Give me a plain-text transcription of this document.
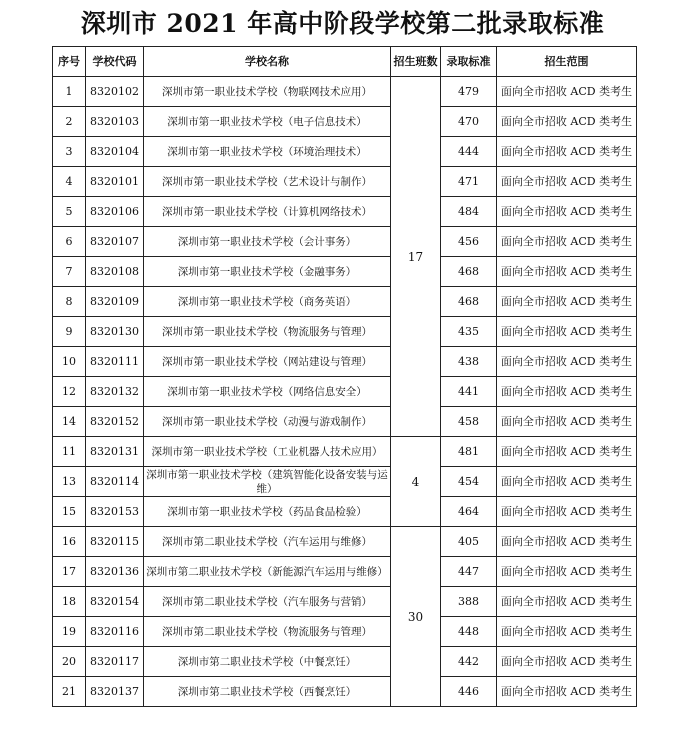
深圳市 2021 年高中阶段学校第二批录取标准
序号	学校代码	学校名称	招生班数	录取标准	招生范围
1	8320102	深圳市第一职业技术学校（物联网技术应用）	17	479	面向全市招收 ACD 类考生
2	8320103	深圳市第一职业技术学校（电子信息技术）		470	面向全市招收 ACD 类考生
3	8320104	深圳市第一职业技术学校（环境治理技术）		444	面向全市招收 ACD 类考生
4	8320101	深圳市第一职业技术学校（艺术设计与制作）		471	面向全市招收 ACD 类考生
5	8320106	深圳市第一职业技术学校（计算机网络技术）		484	面向全市招收 ACD 类考生
6	8320107	深圳市第一职业技术学校（会计事务）		456	面向全市招收 ACD 类考生
7	8320108	深圳市第一职业技术学校（金融事务）		468	面向全市招收 ACD 类考生
8	8320109	深圳市第一职业技术学校（商务英语）		468	面向全市招收 ACD 类考生
9	8320130	深圳市第一职业技术学校（物流服务与管理）		435	面向全市招收 ACD 类考生
10	8320111	深圳市第一职业技术学校（网站建设与管理）		438	面向全市招收 ACD 类考生
12	8320132	深圳市第一职业技术学校（网络信息安全）		441	面向全市招收 ACD 类考生
14	8320152	深圳市第一职业技术学校（动漫与游戏制作）		458	面向全市招收 ACD 类考生
11	8320131	深圳市第一职业技术学校（工业机器人技术应用）	4	481	面向全市招收 ACD 类考生
13	8320114	深圳市第一职业技术学校（建筑智能化设备安装与运维）		454	面向全市招收 ACD 类考生
15	8320153	深圳市第一职业技术学校（药品食品检验）		464	面向全市招收 ACD 类考生
16	8320115	深圳市第二职业技术学校（汽车运用与维修）	30	405	面向全市招收 ACD 类考生
17	8320136	深圳市第二职业技术学校（新能源汽车运用与维修）		447	面向全市招收 ACD 类考生
18	8320154	深圳市第二职业技术学校（汽车服务与营销）		388	面向全市招收 ACD 类考生
19	8320116	深圳市第二职业技术学校（物流服务与管理）		448	面向全市招收 ACD 类考生
20	8320117	深圳市第二职业技术学校（中餐烹饪）		442	面向全市招收 ACD 类考生
21	8320137	深圳市第二职业技术学校（西餐烹饪）		446	面向全市招收 ACD 类考生
